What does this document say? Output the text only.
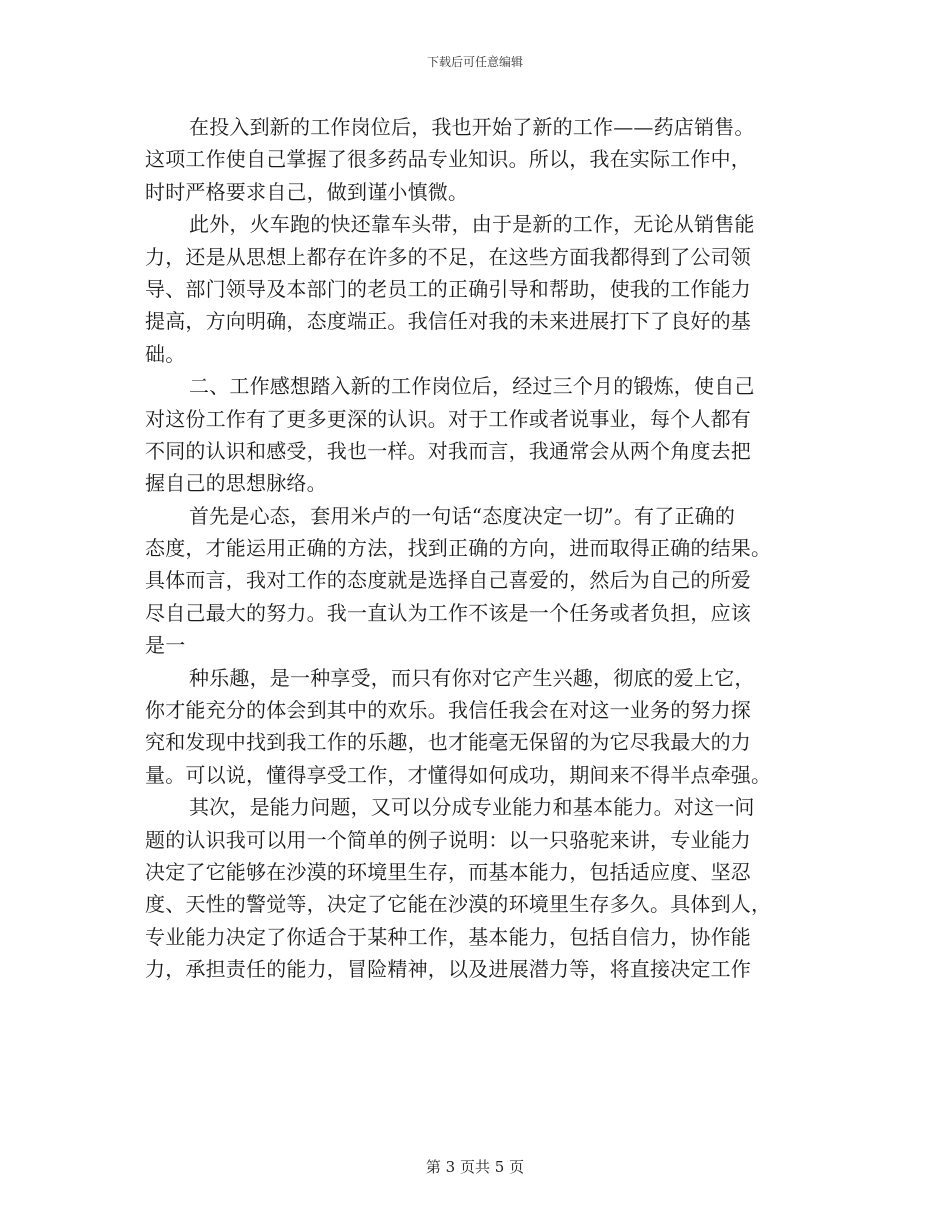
下载后可任意编辑
在投入到新的工作岗位后，我也开始了新的工作——药店销售。
这项工作使自己掌握了很多药品专业知识。所以，我在实际工作中，
时时严格要求自己，做到谨小慎微。
此外，火车跑的快还靠车头带，由于是新的工作，无论从销售能
力，还是从思想上都存在许多的不足，在这些方面我都得到了公司领
导、部门领导及本部门的老员工的正确引导和帮助，使我的工作能力
提高，方向明确，态度端正。我信任对我的未来进展打下了良好的基
础。
二、工作感想踏入新的工作岗位后，经过三个月的锻炼，使自己
对这份工作有了更多更深的认识。对于工作或者说事业，每个人都有
不同的认识和感受，我也一样。对我而言，我通常会从两个角度去把
握自己的思想脉络。
首先是心态，套用米卢的一句话“态度决定一切”。有了正确的
态度，才能运用正确的方法，找到正确的方向，进而取得正确的结果。
具体而言，我对工作的态度就是选择自己喜爱的，然后为自己的所爱
尽自己最大的努力。我一直认为工作不该是一个任务或者负担，应该
是一
种乐趣，是一种享受，而只有你对它产生兴趣，彻底的爱上它，
你才能充分的体会到其中的欢乐。我信任我会在对这一业务的努力探
究和发现中找到我工作的乐趣，也才能毫无保留的为它尽我最大的力
量。可以说，懂得享受工作，才懂得如何成功，期间来不得半点牵强。
其次，是能力问题，又可以分成专业能力和基本能力。对这一问
题的认识我可以用一个简单的例子说明：以一只骆驼来讲，专业能力
决定了它能够在沙漠的环境里生存，而基本能力，包括适应度、坚忍
度、天性的警觉等，决定了它能在沙漠的环境里生存多久。具体到人，
专业能力决定了你适合于某种工作，基本能力，包括自信力，协作能
力，承担责任的能力，冒险精神，以及进展潜力等，将直接决定工作
第 3 页共 5 页
